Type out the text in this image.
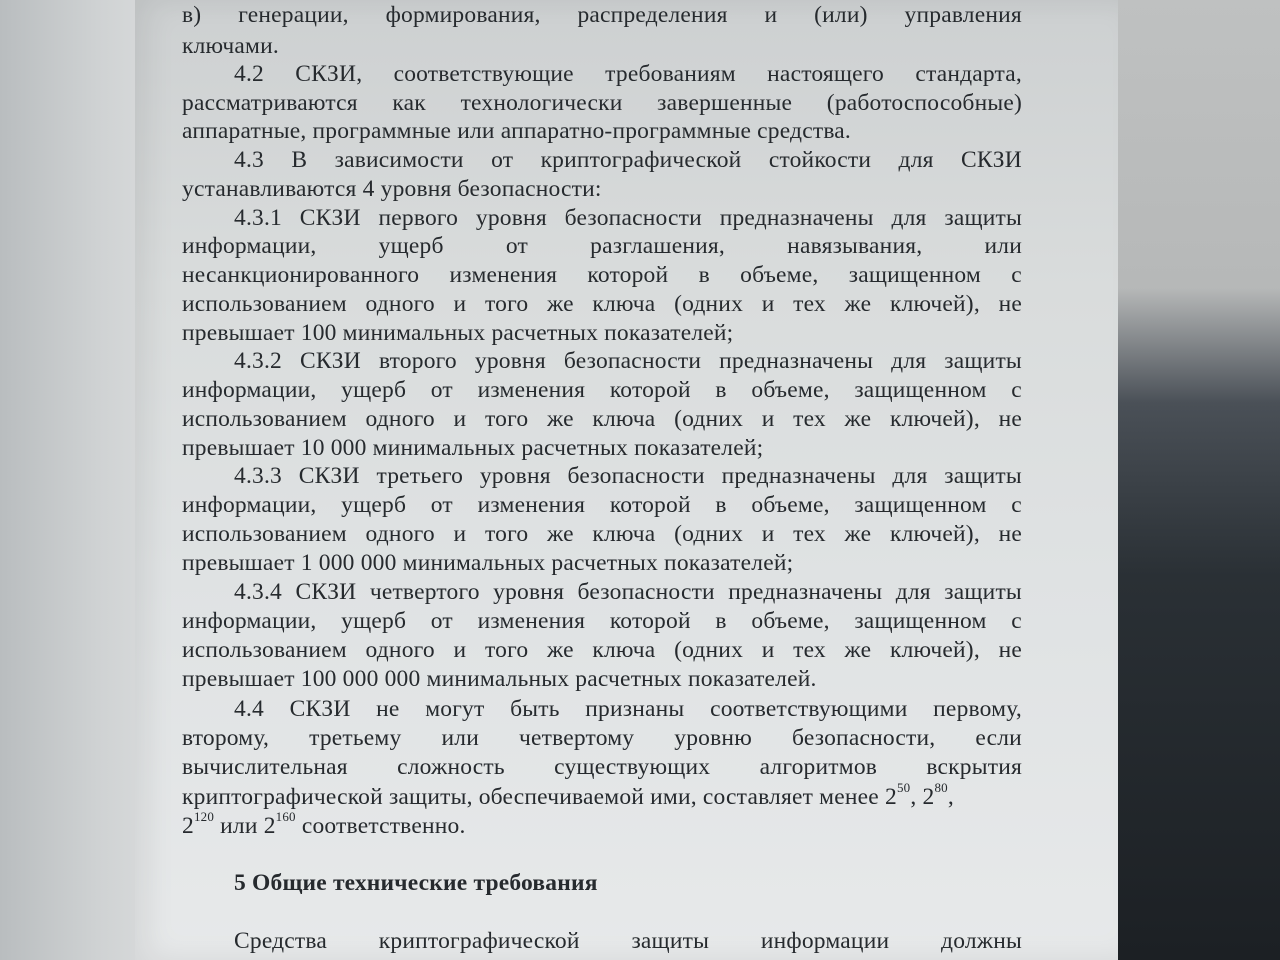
в) генерации, формирования, распределения и (или) управления
ключами.
4.2 СКЗИ, соответствующие требованиям настоящего стандарта,
рассматриваются как технологически завершенные (работоспособные)
аппаратные, программные или аппаратно-программные средства.
4.3 В зависимости от криптографической стойкости для СКЗИ
устанавливаются 4 уровня безопасности:
4.3.1 СКЗИ первого уровня безопасности предназначены для защиты
информации,	ущерб	от	разглашения,	навязывания,	или
несанкционированного изменения которой в объеме, защищенном с
использованием одного и того же ключа (одних и тех же ключей), не
превышает 100 минимальных расчетных показателей;
4.3.2 СКЗИ второго уровня безопасности предназначены для защиты
информации, ущерб от изменения которой в объеме, защищенном с
использованием одного и того же ключа (одних и тех же ключей), не
превышает 10 000 минимальных расчетных показателей;
4.3.3 СКЗИ третьего уровня безопасности предназначены для защиты
информации, ущерб от изменения которой в объеме, защищенном с
использованием одного и того же ключа (одних и тех же ключей), не
превышает 1 000 000 минимальных расчетных показателей;
4.3.4 СКЗИ четвертого уровня безопасности предназначены для защиты
информации, ущерб от изменения которой в объеме, защищенном с
использованием одного и того же ключа (одних и тех же ключей), не
превышает 100 000 000 минимальных расчетных показателей.
4.4 СКЗИ не могут быть признаны соответствующими первому,
второму, третьему или четвертому уровню безопасности, если
вычислительная сложность существующих алгоритмов вскрытия
криптографической защиты, обеспечиваемой ими, составляет менее $2^{50}$, $2^{80}$,
$2^{120}$ или $2^{160}$ соответственно.
5 Общие технические требования
Средства криптографической защиты информации должны
